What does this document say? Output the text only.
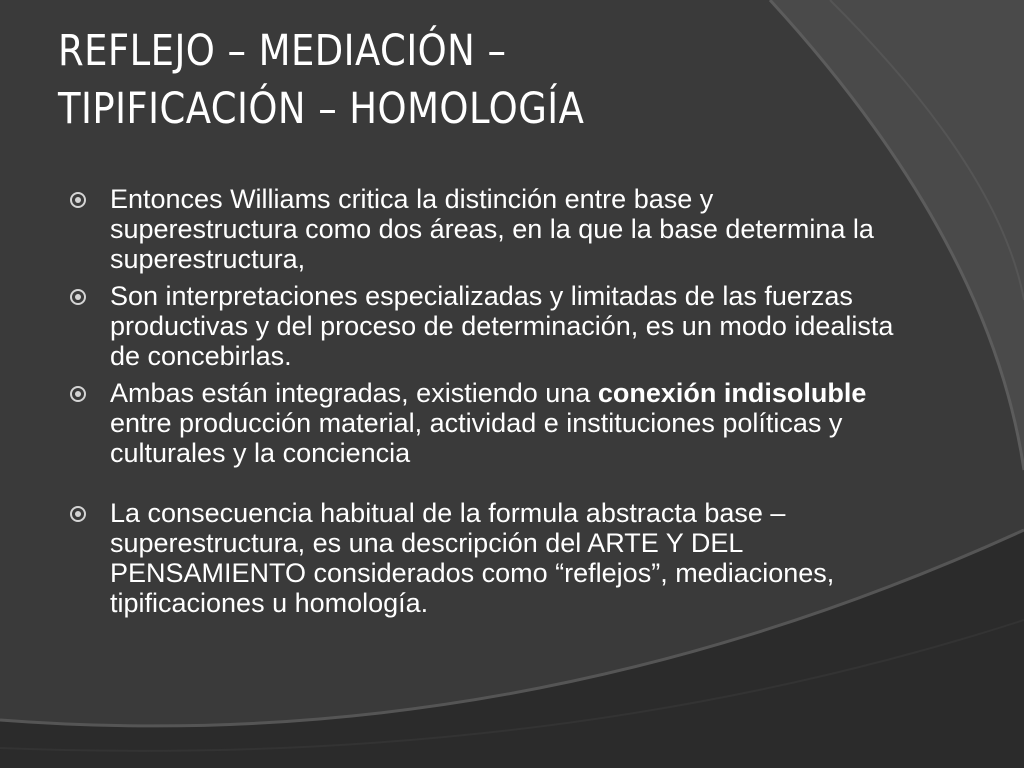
REFLEJO – MEDIACIÓN –
TIPIFICACIÓN – HOMOLOGÍA
Entonces Williams critica la distinción entre base y superestructura como dos áreas, en la que la base determina la superestructura,
Son interpretaciones especializadas y limitadas de las fuerzas productivas y del proceso de determinación, es un modo idealista de concebirlas.
Ambas están integradas, existiendo una conexión indisoluble entre producción material, actividad e instituciones políticas y culturales y la conciencia
La consecuencia habitual de la formula abstracta base – superestructura, es una descripción del ARTE Y DEL PENSAMIENTO considerados como “reflejos”, mediaciones, tipificaciones u homología.
